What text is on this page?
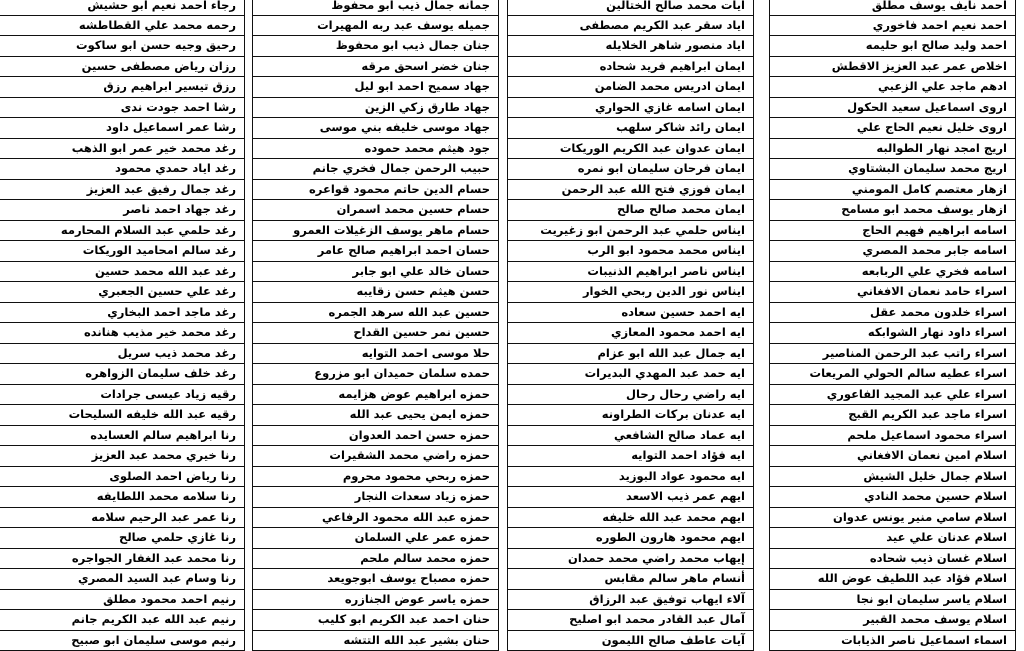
احمد نايف يوسف مطلق
احمد نعيم احمد فاخوري
احمد وليد صالح ابو حليمه
اخلاص عمر عبد العزيز الاقطش
ادهم ماجد علي الزعبي
اروى اسماعيل سعيد الحكول
اروى خليل نعيم الحاج علي
اريج امجد نهار الطوالبه
اريج محمد سليمان البشتاوي
ازهار معتصم كامل المومني
ازهار يوسف محمد ابو مسامح
اسامه ابراهيم فهيم الحاج
اسامه جابر محمد المصري
اسامه فخري علي الربابعه
اسراء حامد نعمان الافغاني
اسراء خلدون محمد عقل
اسراء داود نهار الشوابكه
اسراء راتب عبد الرحمن المناصير
اسراء عطيه سالم الحولي المريعات
اسراء علي عبد المجيد الفاعوري
اسراء ماجد عبد الكريم القبج
اسراء محمود اسماعيل ملحم
اسلام امين نعمان الافغاني
اسلام جمال خليل الشيش
اسلام حسين محمد النادي
اسلام سامي منير يونس عدوان
اسلام عدنان علي عيد
اسلام غسان ذيب شحاده
اسلام فؤاد عبد اللطيف عوض الله
اسلام ياسر سليمان ابو نجا
اسلام يوسف محمد القبير
اسماء اسماعيل ناصر الذيابات
ايات محمد صالح الختالين
اياد سقر عبد الكريم مصطفى
اياد منصور شاهر الخلايله
ايمان ابراهيم فريد شحاده
ايمان ادريس محمد الضامن
ايمان اسامه غازي الحواري
ايمان رائد شاكر سلهب
ايمان عدوان عبد الكريم الوريكات
ايمان فرحان سليمان ابو نمره
ايمان فوزي فتح الله عبد الرحمن
ايمان محمد صالح صالح
ايناس حلمي عبد الرحمن ابو زغيريت
ايناس محمد محمود ابو الرب
ايناس ناصر ابراهيم الذنيبات
ايناس نور الدين ربحي الخوار
ايه احمد حسين سعاده
ايه احمد محمود المعازي
ايه جمال عبد الله ابو عزام
ايه حمد عبد المهدي البديرات
ايه راضي رحال رحال
ايه عدنان بركات الطراونه
ايه عماد صالح الشافعي
ايه فؤاد احمد التوايه
ايه محمود عواد البوزيد
ايهم عمر ذيب الاسعد
ايهم محمد عبد الله خليفه
ايهم محمود هارون الطوره
إيهاب محمد راضي محمد حمدان
أنسام ماهر سالم مقابس
آلاء ايهاب توفيق عبد الرزاق
آمال عبد القادر محمد ابو اصليح
آيات عاطف صالح الليمون
جمانه جمال ذيب ابو محفوظ
جميله يوسف عبد ربه المهيرات
جنان جمال ذيب ابو محفوظ
جنان خضر اسحق مرقه
جهاد سميح احمد ابو ليل
جهاد طارق زكي الزين
جهاد موسى خليفه بني موسى
جود هيثم محمد حموده
حبيب الرحمن جمال فخري جانم
حسام الدين حاتم محمود قواعره
حسام حسين محمد اسمران
حسام ماهر يوسف الزغيلات العمرو
حسان احمد ابراهيم صالح عامر
حسان خالد علي ابو جابر
حسن هيثم حسن زقايبه
حسين عبد الله سرهد الجمره
حسين نمر حسين القداح
حلا موسى احمد التوايه
حمده سلمان حميدان ابو مزروع
حمزه ابراهيم عوض هزايمه
حمزه ايمن يحيى عبد الله
حمزه حسن احمد العدوان
حمزه راضي محمد الشقيرات
حمزه ربحي محمود محروم
حمزه زياد سعدات النجار
حمزه عبد الله محمود الرفاعي
حمزه عمر علي السلمان
حمزه محمد سالم ملحم
حمزه مصباح يوسف ابوجويعد
حمزه ياسر عوض الجنازره
حنان احمد عبد الكريم ابو كليب
حنان بشير عبد الله التتشه
رجاء احمد نعيم ابو حشيش
رحمه محمد علي القطاطشه
رحيق وجيه حسن ابو ساكوت
رزان رياض مصطفى حسين
رزق تيسير ابراهيم رزق
رشا احمد جودت ندى
رشا عمر اسماعيل داود
رغد محمد خير عمر ابو الذهب
رغد اياد حمدي محمود
رغد جمال رفيق عبد العزيز
رغد جهاد احمد ناصر
رغد حلمي عبد السلام المحارمه
رغد سالم امحاميد الوريكات
رغد عبد الله محمد حسين
رغد علي حسين الجعبري
رغد ماجد احمد البخاري
رغد محمد خير مذيب هنانده
رغد محمد ذيب سريل
رغد خلف سليمان الزواهره
رقيه زياد عيسى جرادات
رقيه عبد الله خليفه السليحات
رنا ابراهيم سالم العسايده
رنا خيري محمد عبد العزيز
رنا رياض احمد الصلوى
رنا سلامه محمد اللطايفه
رنا عمر عبد الرحيم سلامه
رنا غازي حلمي صالح
رنا محمد عبد الغفار الجواجره
رنا وسام عبد السيد المصري
رنيم احمد محمود مطلق
رنيم عبد الله عبد الكريم جانم
رنيم موسى سليمان ابو صبيح
